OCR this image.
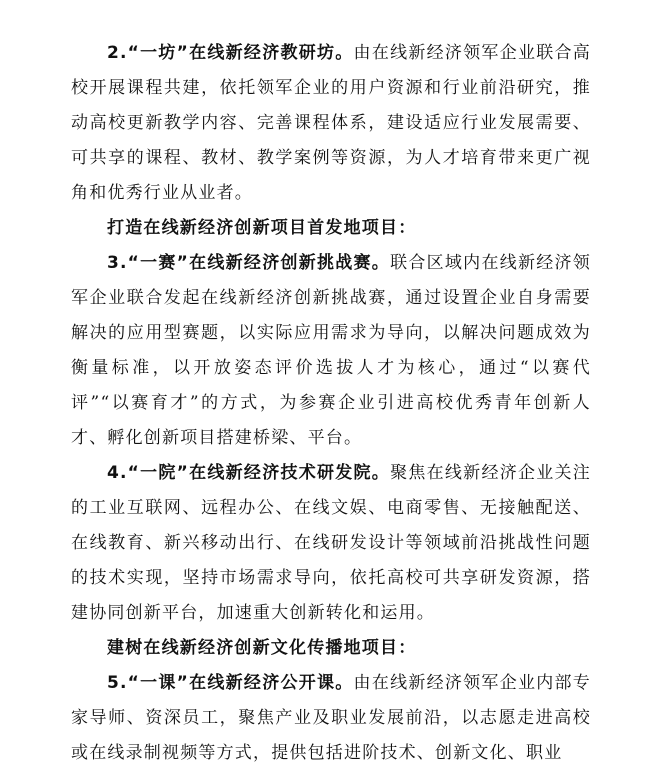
2.“一坊”在线新经济教研坊。由在线新经济领军企业联合高校开展课程共建，依托领军企业的用户资源和行业前沿研究，推动高校更新教学内容、完善课程体系，建设适应行业发展需要、可共享的课程、教材、教学案例等资源，为人才培育带来更广视角和优秀行业从业者。

打造在线新经济创新项目首发地项目：

3.“一赛”在线新经济创新挑战赛。联合区域内在线新经济领军企业联合发起在线新经济创新挑战赛，通过设置企业自身需要解决的应用型赛题，以实际应用需求为导向，以解决问题成效为衡量标准，以开放姿态评价选拔人才为核心，通过“以赛代评”“以赛育才”的方式，为参赛企业引进高校优秀青年创新人才、孵化创新项目搭建桥梁、平台。

4.“一院”在线新经济技术研发院。聚焦在线新经济企业关注的工业互联网、远程办公、在线文娱、电商零售、无接触配送、在线教育、新兴移动出行、在线研发设计等领域前沿挑战性问题的技术实现，坚持市场需求导向，依托高校可共享研发资源，搭建协同创新平台，加速重大创新转化和运用。

建树在线新经济创新文化传播地项目：

5.“一课”在线新经济公开课。由在线新经济领军企业内部专家导师、资深员工，聚焦产业及职业发展前沿，以志愿走进高校或在线录制视频等方式，提供包括进阶技术、创新文化、职业
